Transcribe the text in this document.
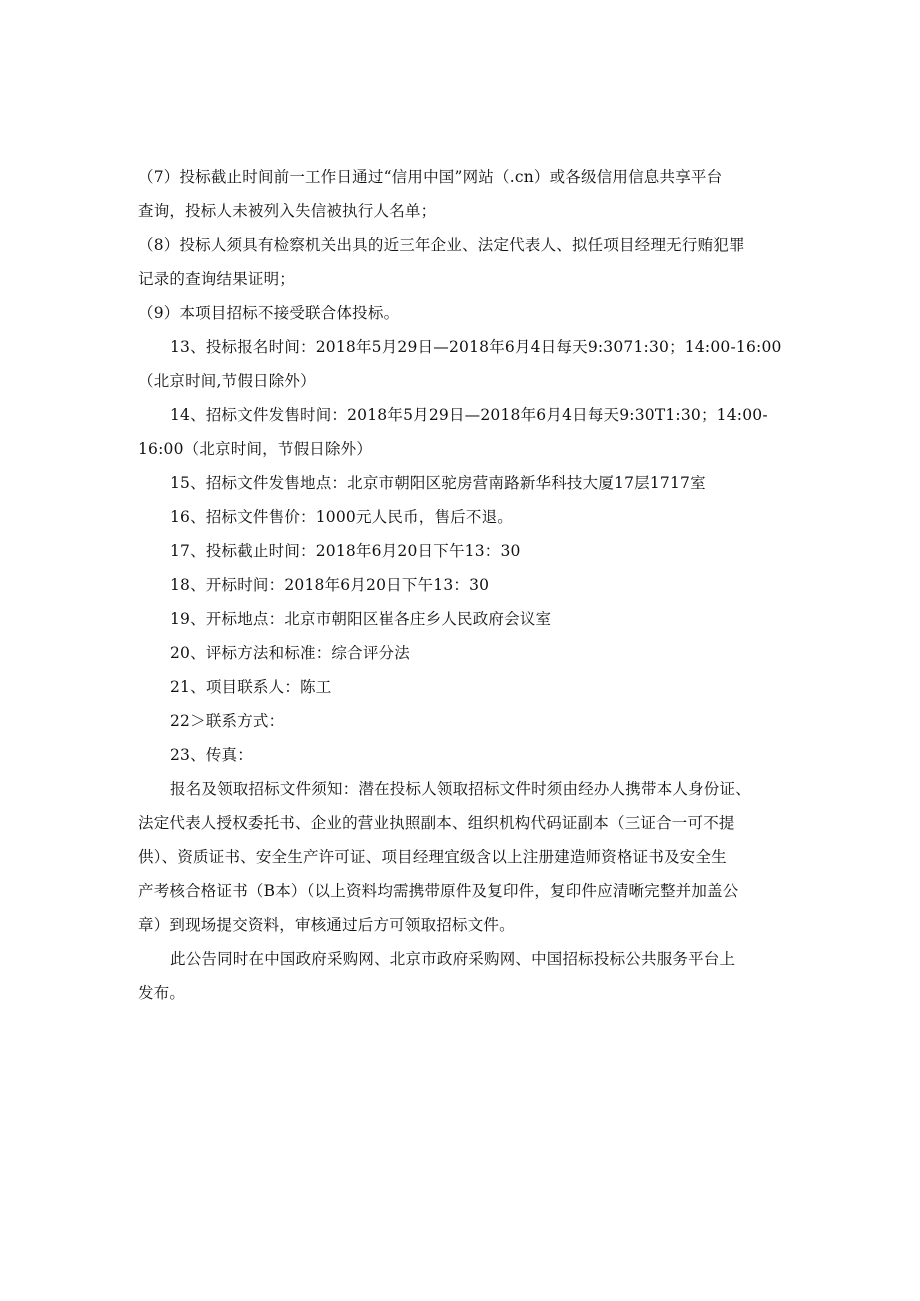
（7）投标截止时间前一工作日通过“信用中国”网站（.cn）或各级信用信息共享平台
查询，投标人未被列入失信被执行人名单；
（8）投标人须具有检察机关出具的近三年企业、法定代表人、拟任项目经理无行贿犯罪
记录的查询结果证明；
（9）本项目招标不接受联合体投标。
13、投标报名时间：2018年5月29日—2018年6月4日每天9:3071:30；14:00-16:00
（北京时间,节假日除外）
14、招标文件发售时间：2018年5月29日—2018年6月4日每天9:30T1:30；14:00-
16:00（北京时间，节假日除外）
15、招标文件发售地点：北京市朝阳区驼房营南路新华科技大厦17层1717室
16、招标文件售价：1000元人民币，售后不退。
17、投标截止时间：2018年6月20日下午13：30
18、开标时间：2018年6月20日下午13：30
19、开标地点：北京市朝阳区崔各庄乡人民政府会议室
20、评标方法和标准：综合评分法
21、项目联系人：陈工
22＞联系方式：
23、传真：
报名及领取招标文件须知：潜在投标人领取招标文件时须由经办人携带本人身份证、
法定代表人授权委托书、企业的营业执照副本、组织机构代码证副本（三证合一可不提
供）、资质证书、安全生产许可证、项目经理宜级含以上注册建造师资格证书及安全生
产考核合格证书（B本）（以上资料均需携带原件及复印件，复印件应清晰完整并加盖公
章）到现场提交资料，审核通过后方可领取招标文件。
此公告同时在中国政府采购网、北京市政府采购网、中国招标投标公共服务平台上
发布。
